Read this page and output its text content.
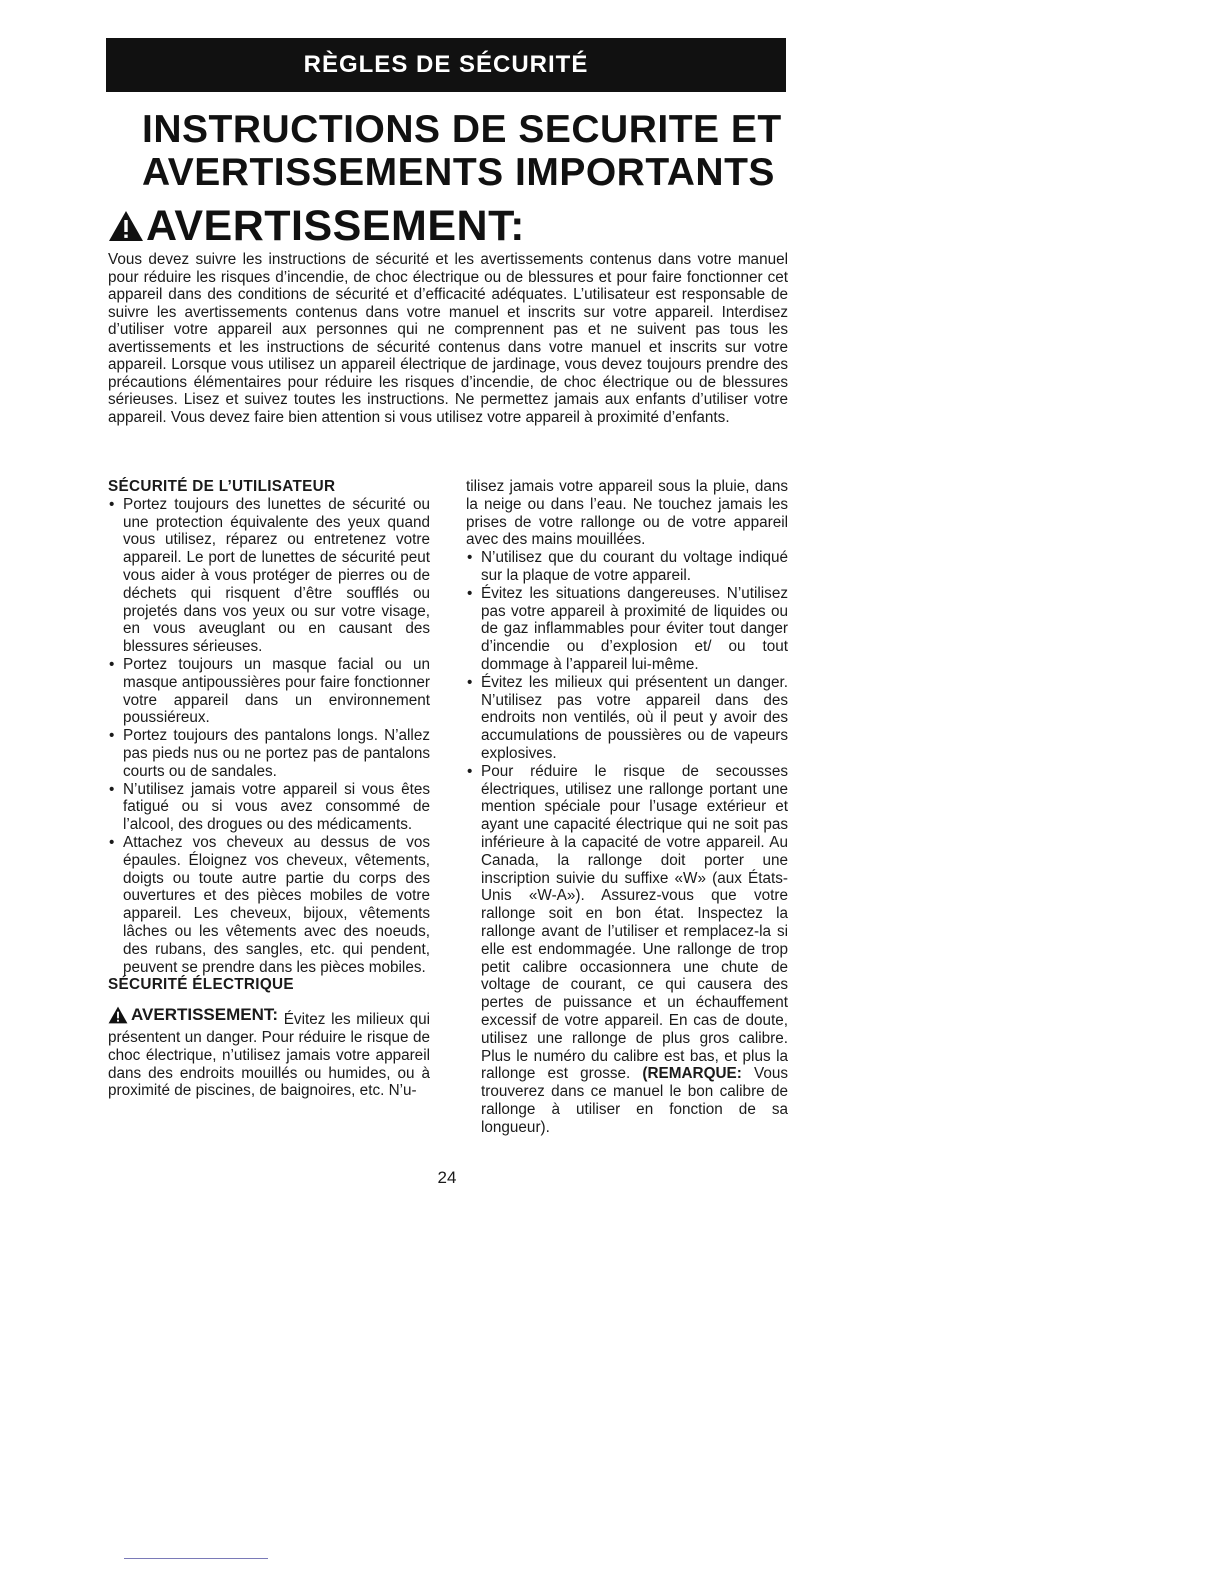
RÈGLES DE SÉCURITÉ
INSTRUCTIONS DE SECURITE ET
AVERTISSEMENTS IMPORTANTS
AVERTISSEMENT:

Vous devez suivre les instructions de sécurité et les avertissements contenus dans votre manuel pour réduire les risques d’incendie, de choc électrique ou de blessures et pour faire fonctionner cet appareil dans des conditions de sécurité et d’efficacité adéquates. L’utilisateur est responsable de suivre les avertissements contenus dans votre manuel et inscrits sur votre appareil. Interdisez d’utiliser votre appareil aux personnes qui ne comprennent pas et ne suivent pas tous les avertissements et les instructions de sécurité contenus dans votre manuel et inscrits sur votre appareil. Lorsque vous utilisez un appareil électrique de jardinage, vous devez toujours prendre des précautions élémentaires pour réduire les risques d’incendie, de choc électrique ou de blessures sérieuses. Lisez et suivez toutes les instructions. Ne permettez jamais aux enfants d’utiliser votre appareil. Vous devez faire bien attention si vous utilisez votre appareil à proximité d’enfants.

SÉCURITÉ DE L’UTILISATEUR
• Portez toujours des lunettes de sécurité ou une protection équivalente des yeux quand vous utilisez, réparez ou entretenez votre appareil. Le port de lunettes de sécurité peut vous aider à vous protéger de pierres ou de déchets qui risquent d’être soufflés ou projetés dans vos yeux ou sur votre visage, en vous aveuglant ou en causant des blessures sérieuses.
• Portez toujours un masque facial ou un masque antipoussières pour faire fonctionner votre appareil dans un environnement poussiéreux.
• Portez toujours des pantalons longs. N’allez pas pieds nus ou ne portez pas de pantalons courts ou de sandales.
• N’utilisez jamais votre appareil si vous êtes fatigué ou si vous avez consommé de l’alcool, des drogues ou des médicaments.
• Attachez vos cheveux au dessus de vos épaules. Éloignez vos cheveux, vêtements, doigts ou toute autre partie du corps des ouvertures et des pièces mobiles de votre appareil. Les cheveux, bijoux, vêtements lâches ou les vêtements avec des noeuds, des rubans, des sangles, etc. qui pendent, peuvent se prendre dans les pièces mobiles.
SÉCURITÉ ÉLECTRIQUE
AVERTISSEMENT: Évitez les milieux qui présentent un danger. Pour réduire le risque de choc électrique, n’utilisez jamais votre appareil dans des endroits mouillés ou humides, ou à proximité de piscines, de baignoires, etc. N’u-

tilisez jamais votre appareil sous la pluie, dans la neige ou dans l’eau. Ne touchez jamais les prises de votre rallonge ou de votre appareil avec des mains mouillées.

• N’utilisez que du courant du voltage indiqué sur la plaque de votre appareil.
• Évitez les situations dangereuses. N’utilisez pas votre appareil à proximité de liquides ou de gaz inflammables pour éviter tout danger d’incendie ou d’explosion et/ ou tout dommage à l’appareil lui-même.
• Évitez les milieux qui présentent un danger. N’utilisez pas votre appareil dans des endroits non ventilés, où il peut y avoir des accumulations de poussières ou de vapeurs explosives.
• Pour réduire le risque de secousses électriques, utilisez une rallonge portant une mention spéciale pour l’usage extérieur et ayant une capacité électrique qui ne soit pas inférieure à la capacité de votre appareil. Au Canada, la rallonge doit porter une inscription suivie du suffixe «W» (aux États-Unis «W-A»). Assurez-vous que votre rallonge soit en bon état. Inspectez la rallonge avant de l’utiliser et remplacez-la si elle est endommagée. Une rallonge de trop petit calibre occasionnera une chute de voltage de courant, ce qui causera des pertes de puissance et un échauffement excessif de votre appareil. En cas de doute, utilisez une rallonge de plus gros calibre. Plus le numéro du calibre est bas, et plus la rallonge est grosse. (REMARQUE: Vous trouverez dans ce manuel le bon calibre de rallonge à utiliser en fonction de sa longueur).
24
